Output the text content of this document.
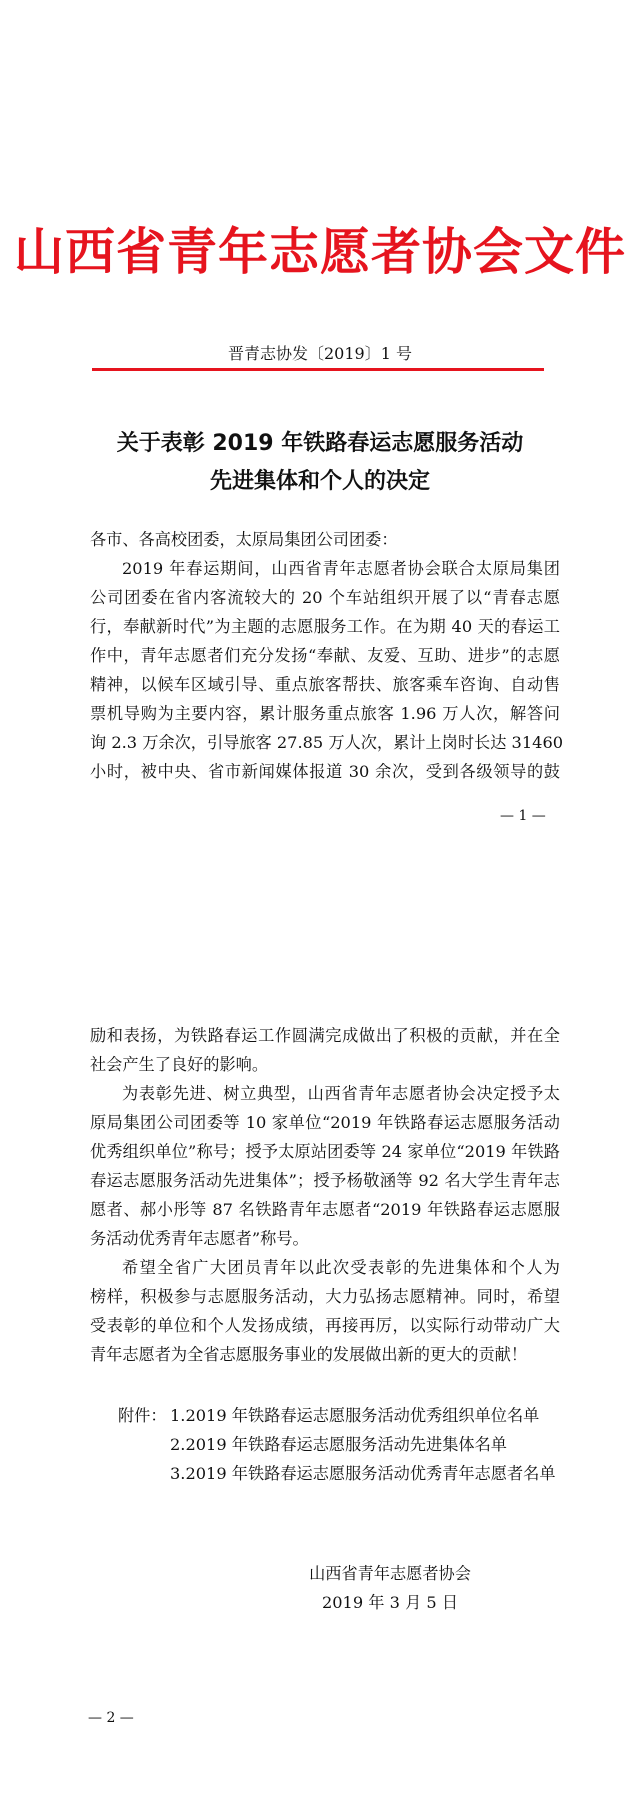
山西省青年志愿者协会文件
晋青志协发〔2019〕1 号
关于表彰 2019 年铁路春运志愿服务活动
先进集体和个人的决定
各市、各高校团委，太原局集团公司团委：
2019 年春运期间，山西省青年志愿者协会联合太原局集团
公司团委在省内客流较大的 20 个车站组织开展了以“青春志愿
行，奉献新时代”为主题的志愿服务工作。在为期 40 天的春运工
作中，青年志愿者们充分发扬“奉献、友爱、互助、进步”的志愿
精神，以候车区域引导、重点旅客帮扶、旅客乘车咨询、自动售
票机导购为主要内容，累计服务重点旅客 1.96 万人次，解答问
询 2.3 万余次，引导旅客 27.85 万人次，累计上岗时长达 31460
小时，被中央、省市新闻媒体报道 30 余次，受到各级领导的鼓
— 1 —
励和表扬，为铁路春运工作圆满完成做出了积极的贡献，并在全
社会产生了良好的影响。
为表彰先进、树立典型，山西省青年志愿者协会决定授予太
原局集团公司团委等 10 家单位“2019 年铁路春运志愿服务活动
优秀组织单位”称号；授予太原站团委等 24 家单位“2019 年铁路
春运志愿服务活动先进集体”；授予杨敬涵等 92 名大学生青年志
愿者、郝小彤等 87 名铁路青年志愿者“2019 年铁路春运志愿服
务活动优秀青年志愿者”称号。
希望全省广大团员青年以此次受表彰的先进集体和个人为
榜样，积极参与志愿服务活动，大力弘扬志愿精神。同时，希望
受表彰的单位和个人发扬成绩，再接再厉，以实际行动带动广大
青年志愿者为全省志愿服务事业的发展做出新的更大的贡献！
附件： 1.2019 年铁路春运志愿服务活动优秀组织单位名单
2.2019 年铁路春运志愿服务活动先进集体名单
3.2019 年铁路春运志愿服务活动优秀青年志愿者名单
山西省青年志愿者协会
2019 年 3 月 5 日
— 2 —
